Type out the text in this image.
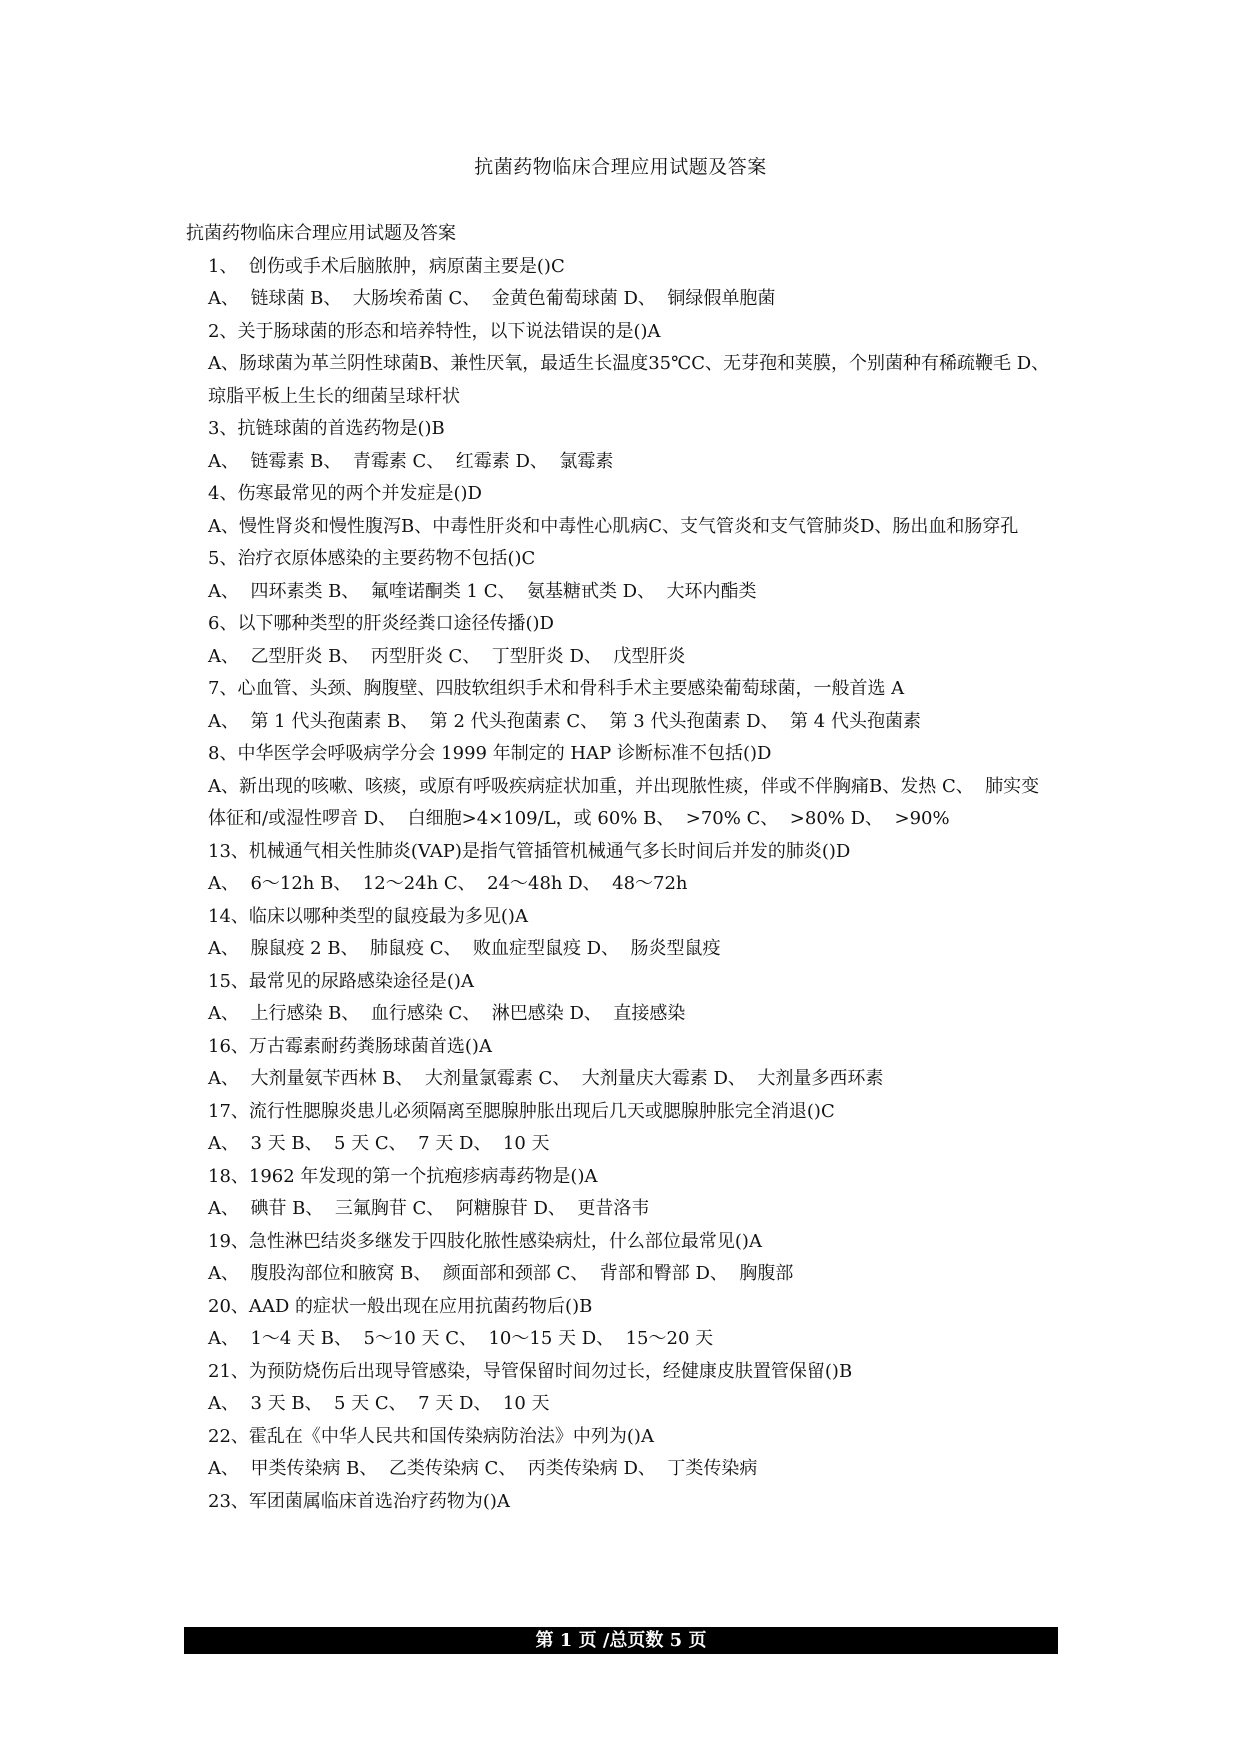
抗菌药物临床合理应用试题及答案

抗菌药物临床合理应用试题及答案

1、  创伤或手术后脑脓肿，病原菌主要是()C

A、  链球菌 B、  大肠埃希菌 C、  金黄色葡萄球菌 D、  铜绿假单胞菌

2、关于肠球菌的形态和培养特性，以下说法错误的是()A

A、肠球菌为革兰阴性球菌B、兼性厌氧，最适生长温度35℃C、无芽孢和荚膜，个别菌种有稀疏鞭毛 D、  琼脂平板上生长的细菌呈球杆状

3、抗链球菌的首选药物是()B

A、  链霉素 B、  青霉素 C、  红霉素 D、  氯霉素

4、伤寒最常见的两个并发症是()D

A、慢性肾炎和慢性腹泻B、中毒性肝炎和中毒性心肌病C、支气管炎和支气管肺炎D、肠出血和肠穿孔

5、治疗衣原体感染的主要药物不包括()C

A、  四环素类 B、  氟喹诺酮类 1 C、  氨基糖甙类 D、  大环内酯类

6、以下哪种类型的肝炎经粪口途径传播()D

A、  乙型肝炎 B、  丙型肝炎 C、  丁型肝炎 D、  戊型肝炎

7、心血管、头颈、胸腹壁、四肢软组织手术和骨科手术主要感染葡萄球菌，一般首选 A

A、  第 1 代头孢菌素 B、  第 2 代头孢菌素 C、  第 3 代头孢菌素 D、  第 4 代头孢菌素

8、中华医学会呼吸病学分会 1999 年制定的 HAP 诊断标准不包括()D

A、新出现的咳嗽、咳痰，或原有呼吸疾病症状加重，并出现脓性痰，伴或不伴胸痛B、发热 C、  肺实变体征和/或湿性啰音 D、  白细胞>4×109/L，或 60% B、  >70% C、  >80% D、  >90%

13、机械通气相关性肺炎(VAP)是指气管插管机械通气多长时间后并发的肺炎()D

A、  6～12h B、  12～24h C、  24～48h D、  48～72h

14、临床以哪种类型的鼠疫最为多见()A

A、  腺鼠疫 2 B、  肺鼠疫 C、  败血症型鼠疫 D、  肠炎型鼠疫

15、最常见的尿路感染途径是()A

A、  上行感染 B、  血行感染 C、  淋巴感染 D、  直接感染

16、万古霉素耐药粪肠球菌首选()A

A、  大剂量氨苄西林 B、  大剂量氯霉素 C、  大剂量庆大霉素 D、  大剂量多西环素

17、流行性腮腺炎患儿必须隔离至腮腺肿胀出现后几天或腮腺肿胀完全消退()C

A、  3 天 B、  5 天 C、  7 天 D、  10 天

18、1962 年发现的第一个抗疱疹病毒药物是()A

A、  碘苷 B、  三氟胸苷 C、  阿糖腺苷 D、  更昔洛韦

19、急性淋巴结炎多继发于四肢化脓性感染病灶，什么部位最常见()A

A、  腹股沟部位和腋窝 B、  颜面部和颈部 C、  背部和臀部 D、  胸腹部

20、AAD 的症状一般出现在应用抗菌药物后()B

A、  1～4 天 B、  5～10 天 C、  10～15 天 D、  15～20 天

21、为预防烧伤后出现导管感染，导管保留时间勿过长，经健康皮肤置管保留()B

A、  3 天 B、  5 天 C、  7 天 D、  10 天

22、霍乱在《中华人民共和国传染病防治法》中列为()A

A、  甲类传染病 B、  乙类传染病 C、  丙类传染病 D、  丁类传染病

23、军团菌属临床首选治疗药物为()A

第 1 页 /总页数 5 页
